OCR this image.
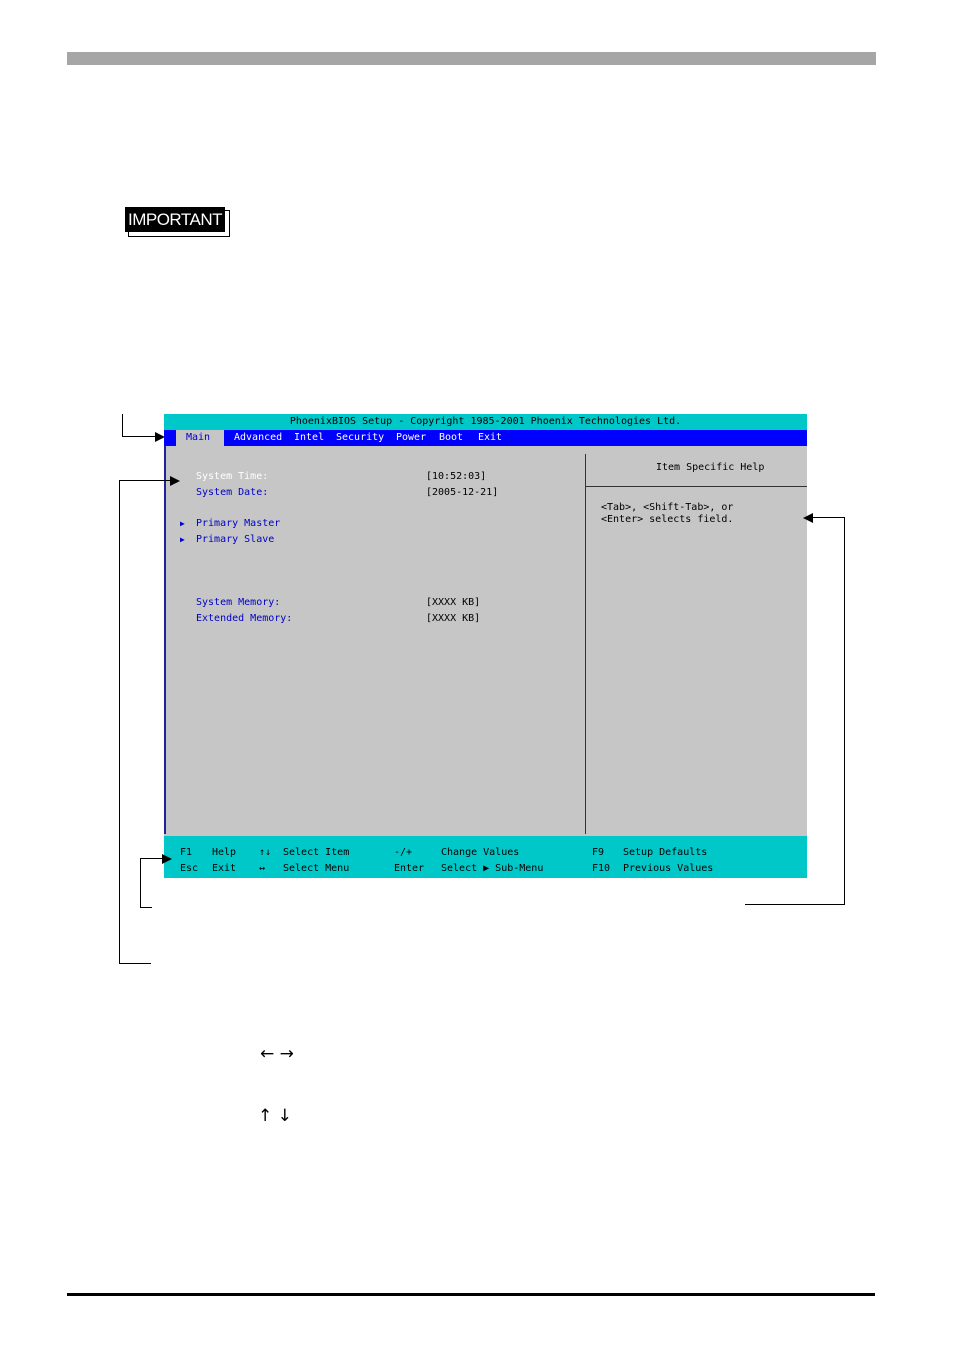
IMPORTANT
PhoenixBIOS Setup - Copyright 1985-2001 Phoenix Technologies Ltd.
Main	Advanced Intel Security Power Boot Exit
System Time:	[10:52:03]
System Date:	[2005-12-21]
▶ Primary Master
▶ Primary Slave
System Memory:	[XXXX KB]
Extended Memory:	[XXXX KB]
Item Specific Help
<Tab>, <Shift-Tab>, or
<Enter> selects field.
F1 Help ↑↓ Select Item	-/+	Change Values	F9 Setup Defaults
Esc Exit ↔ Select Menu	Enter Select ▶ Sub-Menu	F10 Previous Values
← →
↑ ↓
